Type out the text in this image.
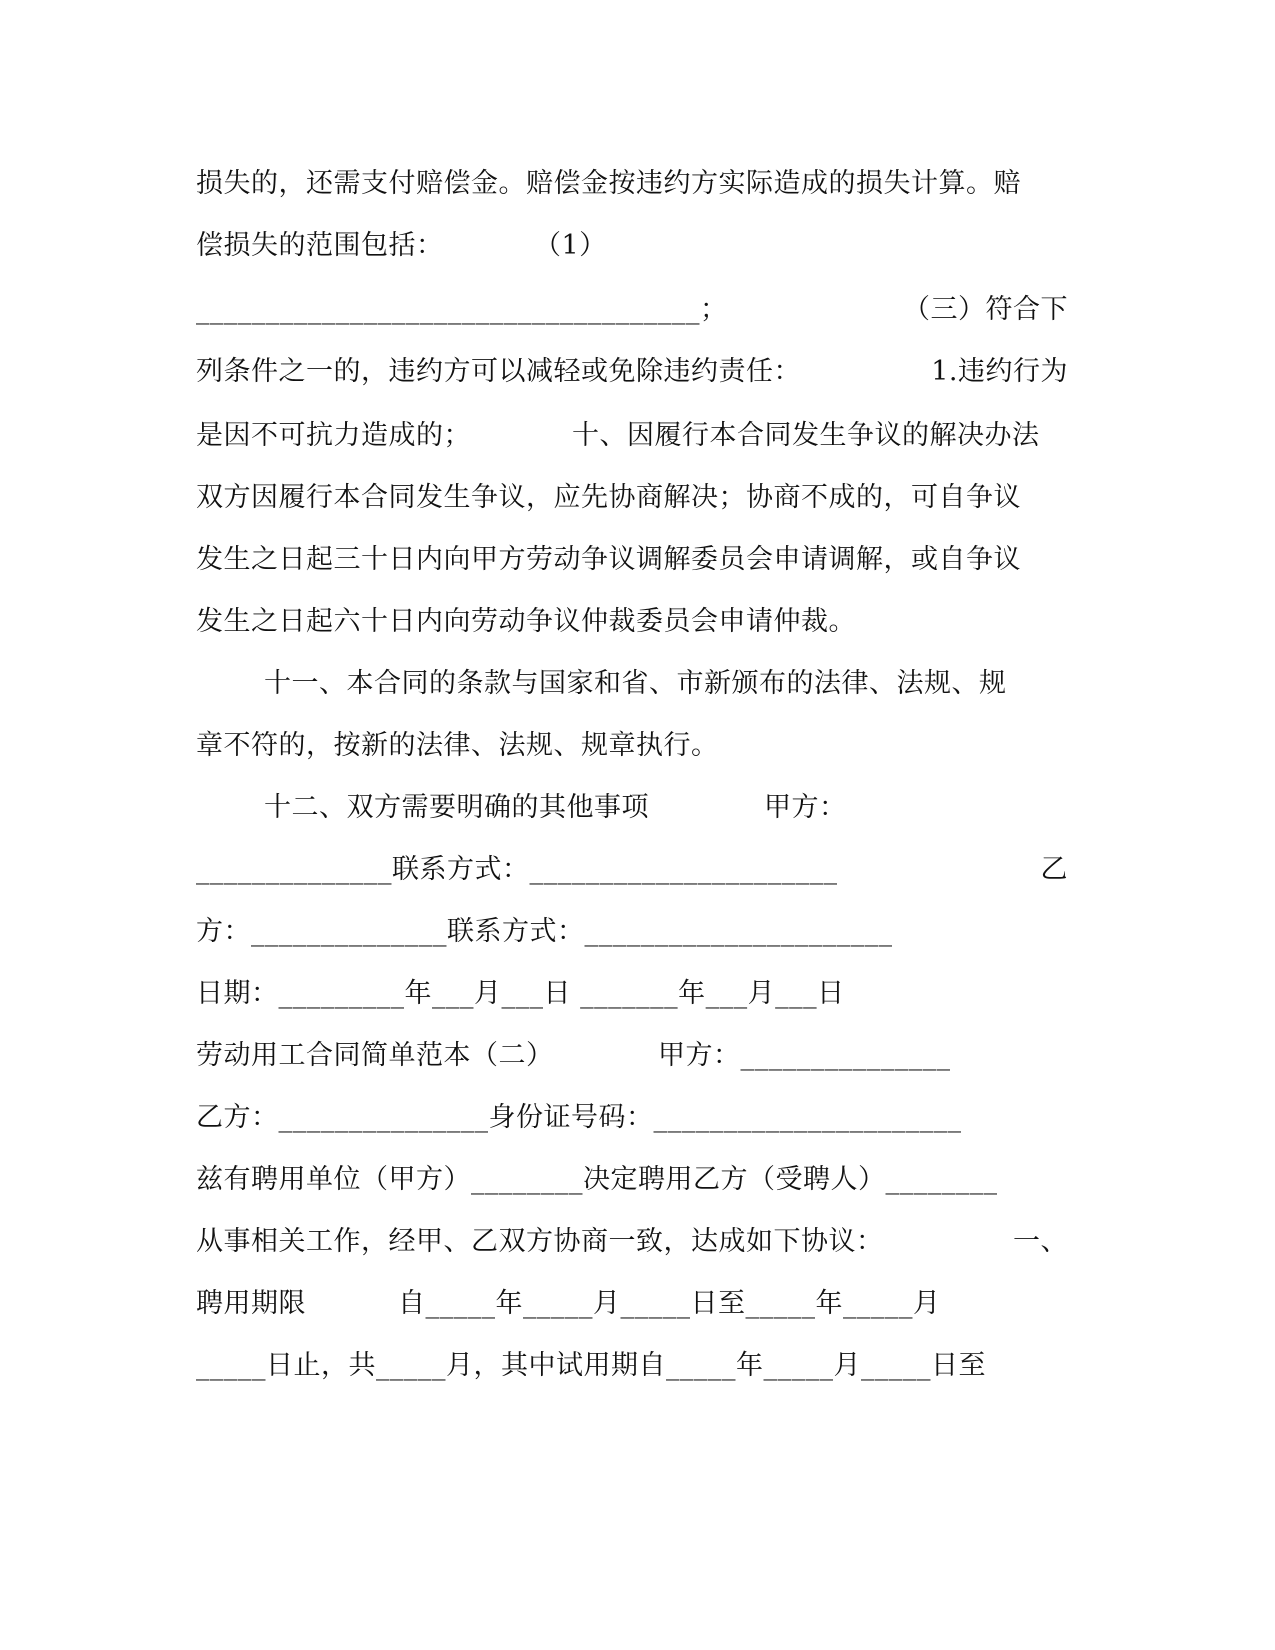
损失的，还需支付赔偿金。赔偿金按违约方实际造成的损失计算。赔
偿损失的范围包括：	（1）
____________________________________；	（三）符合下
列条件之一的，违约方可以减轻或免除违约责任：	1.违约行为
是因不可抗力造成的；	十、因履行本合同发生争议的解决办法
双方因履行本合同发生争议，应先协商解决；协商不成的，可自争议
发生之日起三十日内向甲方劳动争议调解委员会申请调解，或自争议
发生之日起六十日内向劳动争议仲裁委员会申请仲裁。
十一、本合同的条款与国家和省、市新颁布的法律、法规、规
章不符的，按新的法律、法规、规章执行。
十二、双方需要明确的其他事项	甲方：
______________联系方式：______________________	乙
方：______________联系方式：______________________
日期：_________年___月___日 _______年___月___日
劳动用工合同简单范本（二）	甲方：_______________
乙方：_______________身份证号码：______________________
兹有聘用单位（甲方）________决定聘用乙方（受聘人）________
从事相关工作，经甲、乙双方协商一致，达成如下协议：	一、
聘用期限	自_____年_____月_____日至_____年_____月
_____日止，共_____月，其中试用期自_____年_____月_____日至
